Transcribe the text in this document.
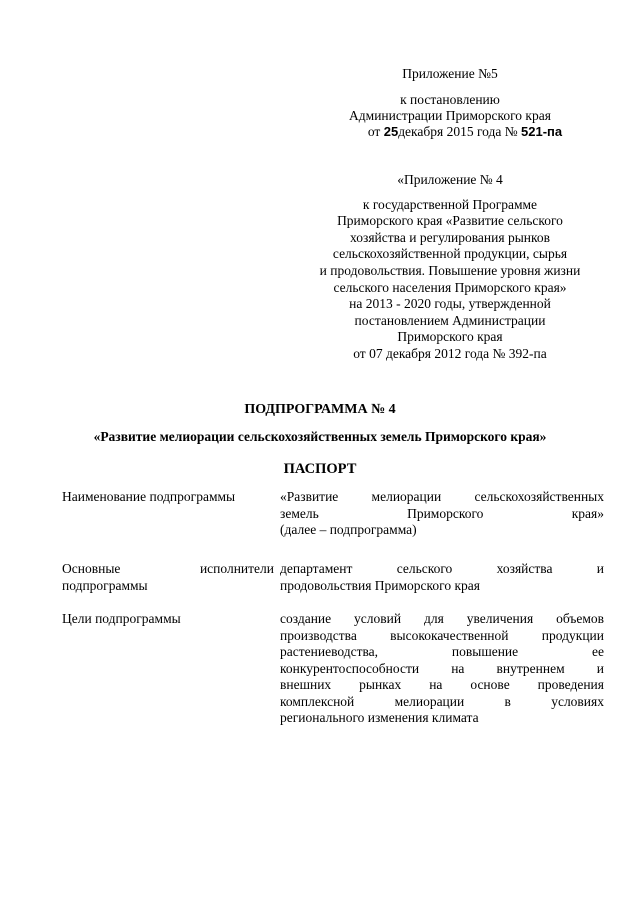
Приложение №5
к постановлению
Администрации Приморского края
от 25декабря 2015 года № 521-па
«Приложение № 4
к государственной Программе
Приморского края «Развитие сельского
хозяйства и регулирования рынков
сельскохозяйственной продукции, сырья
и продовольствия. Повышение уровня жизни
сельского населения Приморского края»
на 2013 - 2020 годы, утвержденной
постановлением Администрации
Приморского края
от 07 декабря 2012 года № 392-па
ПОДПРОГРАММА № 4
«Развитие мелиорации сельскохозяйственных земель Приморского края»
ПАСПОРТ
Наименование подпрограммы	«Развитие мелиорации сельскохозяйственных
земель Приморского края»
(далее – подпрограмма)
Основные исполнители
подпрограммы
департамент сельского хозяйства и
продовольствия Приморского края
Цели подпрограммы	создание условий для увеличения объемов
производства высококачественной продукции
растениеводства, повышение ее
конкурентоспособности на внутреннем и
внешних рынках на основе проведения
комплексной мелиорации в условиях
регионального изменения климата
